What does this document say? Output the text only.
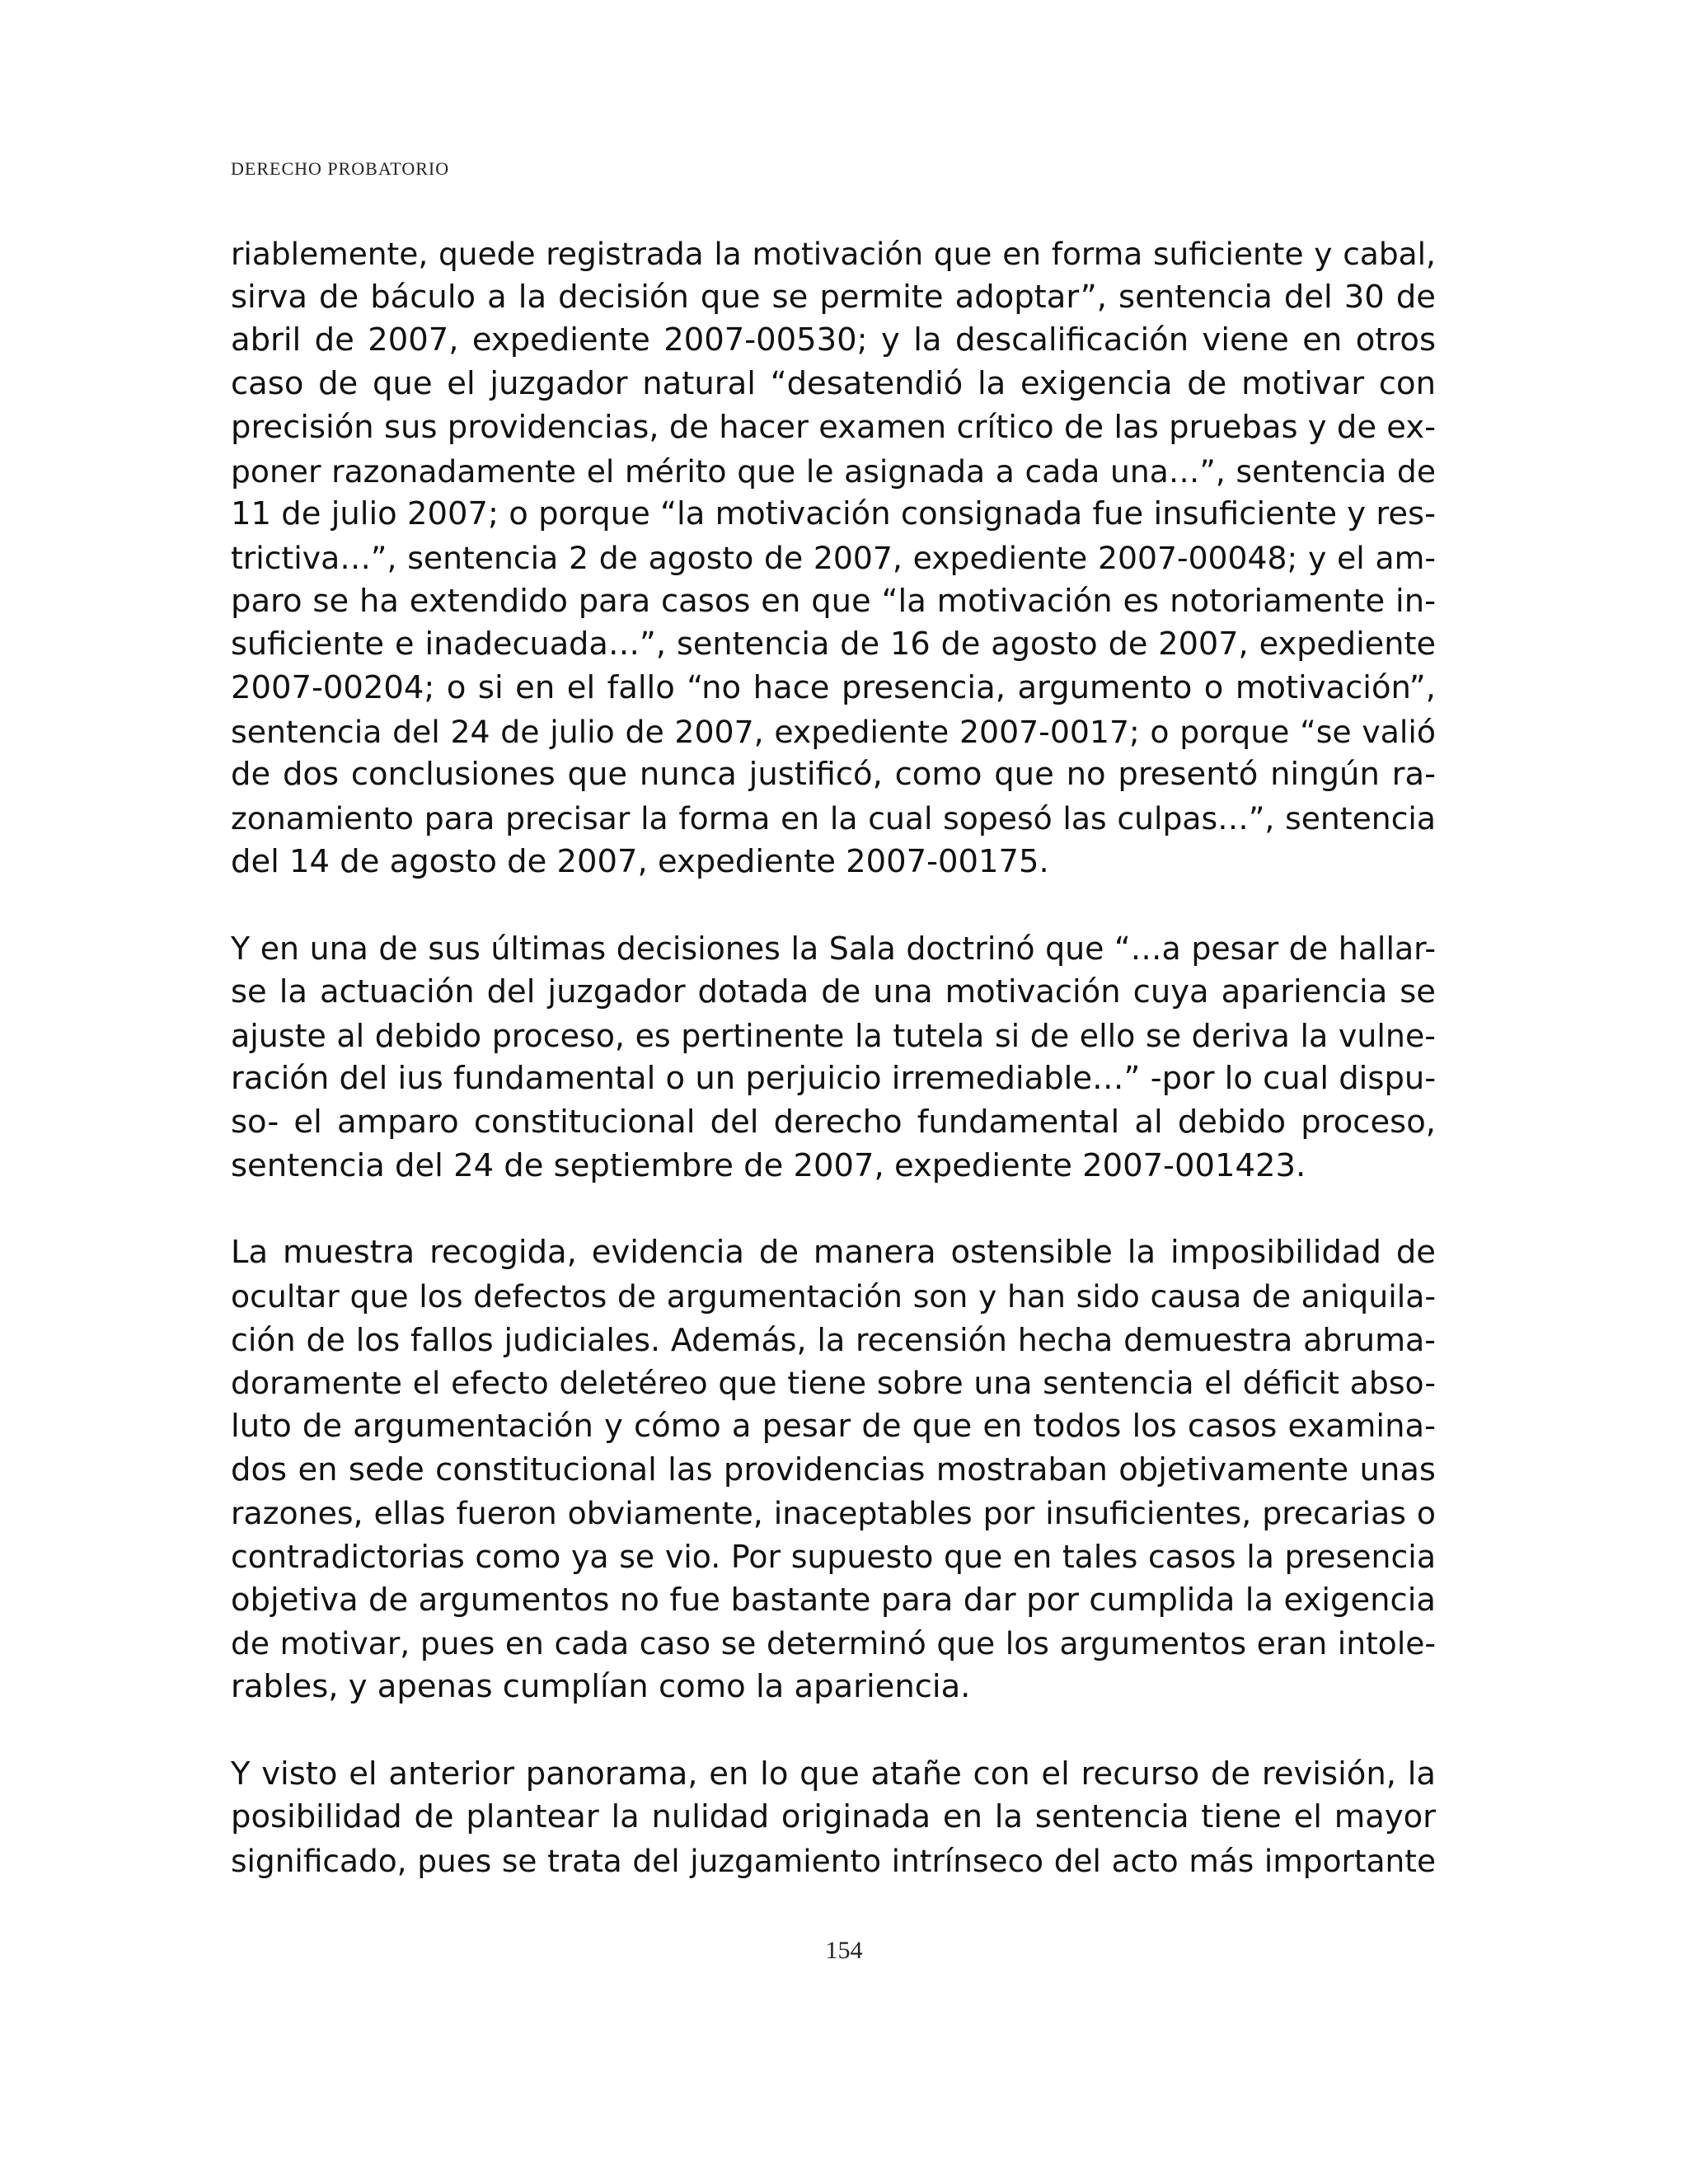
DERECHO PROBATORIO
riablemente, quede registrada la motivación que en forma suficiente y cabal,
sirva de báculo a la decisión que se permite adoptar”, sentencia del 30 de
abril de 2007, expediente 2007-00530; y la descalificación viene en otros
caso de que el juzgador natural “desatendió la exigencia de motivar con
precisión sus providencias, de hacer examen crítico de las pruebas y de ex-
poner razonadamente el mérito que le asignada a cada una…”, sentencia de
11 de julio 2007; o porque “la motivación consignada fue insuficiente y res-
trictiva…”, sentencia 2 de agosto de 2007, expediente 2007-00048; y el am-
paro se ha extendido para casos en que “la motivación es notoriamente in-
suficiente e inadecuada…”, sentencia de 16 de agosto de 2007, expediente
2007-00204; o si en el fallo “no hace presencia, argumento o motivación”,
sentencia del 24 de julio de 2007, expediente 2007-0017; o porque “se valió
de dos conclusiones que nunca justificó, como que no presentó ningún ra-
zonamiento para precisar la forma en la cual sopesó las culpas…”, sentencia
del 14 de agosto de 2007, expediente 2007-00175.
Y en una de sus últimas decisiones la Sala doctrinó que “…a pesar de hallar-
se la actuación del juzgador dotada de una motivación cuya apariencia se
ajuste al debido proceso, es pertinente la tutela si de ello se deriva la vulne-
ración del ius fundamental o un perjuicio irremediable…” -por lo cual dispu-
so- el amparo constitucional del derecho fundamental al debido proceso,
sentencia del 24 de septiembre de 2007, expediente 2007-001423.
La muestra recogida, evidencia de manera ostensible la imposibilidad de
ocultar que los defectos de argumentación son y han sido causa de aniquila-
ción de los fallos judiciales. Además, la recensión hecha demuestra abruma-
doramente el efecto deletéreo que tiene sobre una sentencia el déficit abso-
luto de argumentación y cómo a pesar de que en todos los casos examina-
dos en sede constitucional las providencias mostraban objetivamente unas
razones, ellas fueron obviamente, inaceptables por insuficientes, precarias o
contradictorias como ya se vio. Por supuesto que en tales casos la presencia
objetiva de argumentos no fue bastante para dar por cumplida la exigencia
de motivar, pues en cada caso se determinó que los argumentos eran intole-
rables, y apenas cumplían como la apariencia.
Y visto el anterior panorama, en lo que atañe con el recurso de revisión, la
posibilidad de plantear la nulidad originada en la sentencia tiene el mayor
significado, pues se trata del juzgamiento intrínseco del acto más importante
154
